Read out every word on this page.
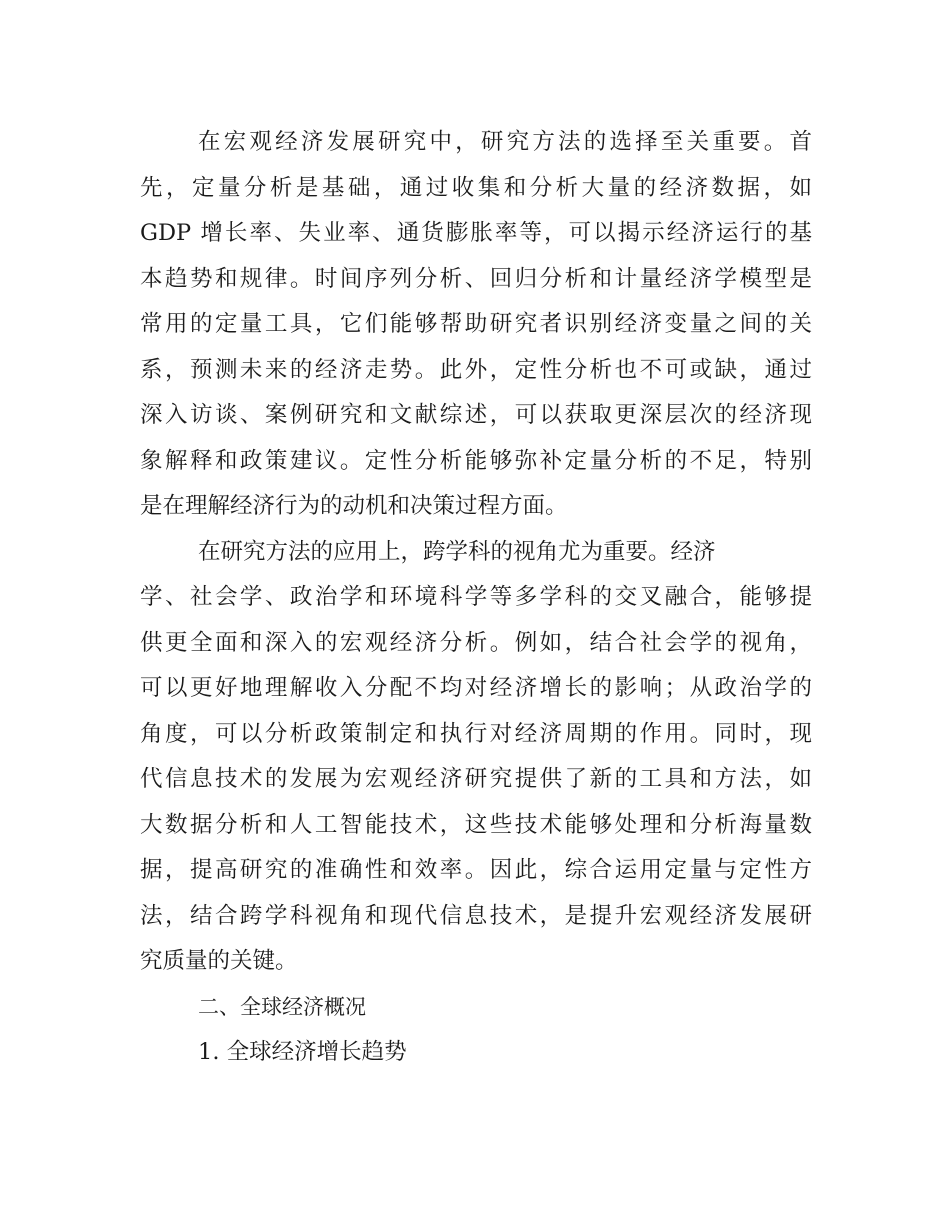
在宏观经济发展研究中，研究方法的选择至关重要。首
先，定量分析是基础，通过收集和分析大量的经济数据，如
GDP 增长率、失业率、通货膨胀率等，可以揭示经济运行的基
本趋势和规律。时间序列分析、回归分析和计量经济学模型是
常用的定量工具，它们能够帮助研究者识别经济变量之间的关
系，预测未来的经济走势。此外，定性分析也不可或缺，通过
深入访谈、案例研究和文献综述，可以获取更深层次的经济现
象解释和政策建议。定性分析能够弥补定量分析的不足，特别
是在理解经济行为的动机和决策过程方面。
在研究方法的应用上，跨学科的视角尤为重要。经济
学、社会学、政治学和环境科学等多学科的交叉融合，能够提
供更全面和深入的宏观经济分析。例如，结合社会学的视角，
可以更好地理解收入分配不均对经济增长的影响；从政治学的
角度，可以分析政策制定和执行对经济周期的作用。同时，现
代信息技术的发展为宏观经济研究提供了新的工具和方法，如
大数据分析和人工智能技术，这些技术能够处理和分析海量数
据，提高研究的准确性和效率。因此，综合运用定量与定性方
法，结合跨学科视角和现代信息技术，是提升宏观经济发展研
究质量的关键。
二、全球经济概况
1. 全球经济增长趋势
